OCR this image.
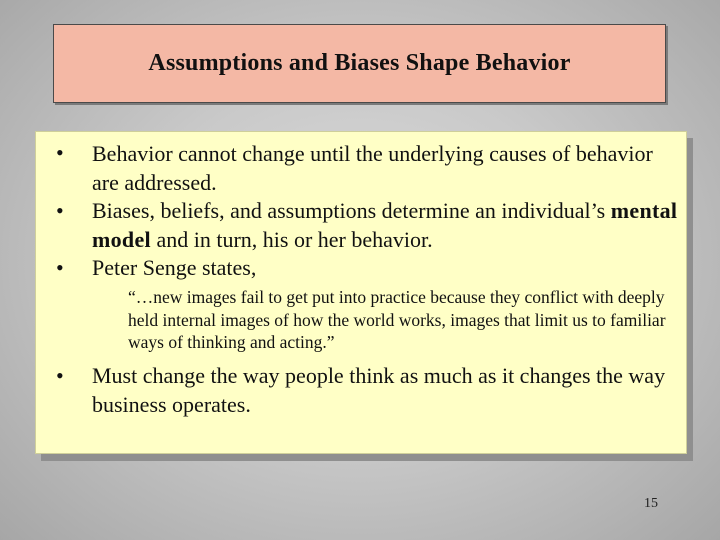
Assumptions and Biases Shape Behavior
• Behavior cannot change until the underlying causes of behavior are addressed.
• Biases, beliefs, and assumptions determine an individual’s mental model and in turn, his or her behavior.
• Peter Senge states,
“…new images fail to get put into practice because they conflict with deeply held internal images of how the world works, images that limit us to familiar ways of thinking and acting.”
• Must change the way people think as much as it changes the way business operates.
15
